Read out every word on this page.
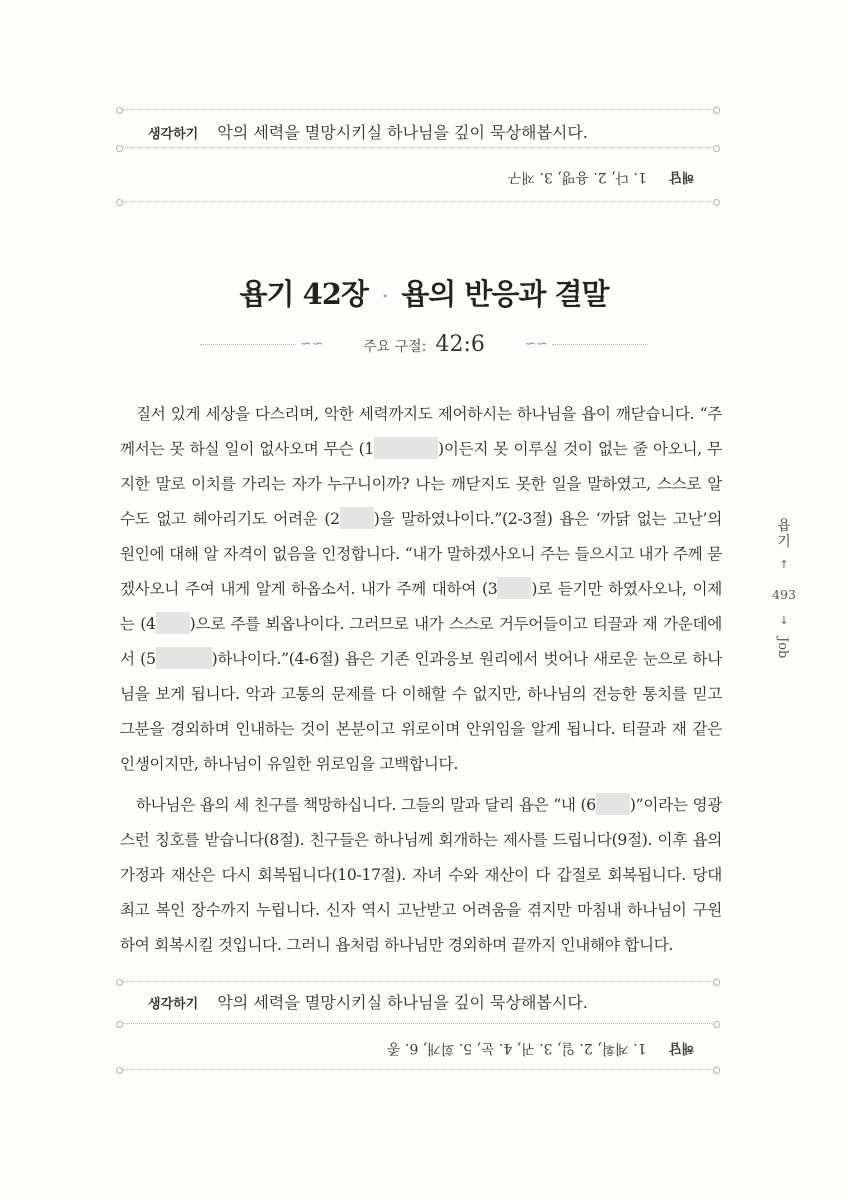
생각하기 악의 세력을 멸망시키실 하나님을 깊이 묵상해봅시다.
해답 1. 다, 2. 용맹, 3. 재구
욥기 42장 · 욥의 반응과 결말
∽∽	주요 구절: 42:6	∽∽

질서 있게 세상을 다스리며, 악한 세력까지도 제어하시는 하나님을 욥이 깨닫습니다. “주께서는 못 하실 일이 없사오며 무슨 (1	)이든지 못 이루실 것이 없는 줄 아오니, 무지한 말로 이치를 가리는 자가 누구니이까? 나는 깨닫지도 못한 일을 말하였고, 스스로 알 수도 없고 헤아리기도 어려운 (2 )을 말하였나이다.”(2-3절) 욥은 ‘까닭 없는 고난’의 원인에 대해 알 자격이 없음을 인정합니다. “내가 말하겠사오니 주는 들으시고 내가 주께 묻겠사오니 주여 내게 알게 하옵소서. 내가 주께 대하여 (3 )로 듣기만 하였사오나, 이제는 (4 )으로 주를 뵈옵나이다. 그러므로 내가 스스로 거두어들이고 티끌과 재 가운데에서 (5	)하나이다.”(4-6절) 욥은 기존 인과응보 원리에서 벗어나 새로운 눈으로 하나님을 보게 됩니다. 악과 고통의 문제를 다 이해할 수 없지만, 하나님의 전능한 통치를 믿고 그분을 경외하며 인내하는 것이 본분이고 위로이며 안위임을 알게 됩니다. 티끌과 재 같은 인생이지만, 하나님이 유일한 위로임을 고백합니다.

하나님은 욥의 세 친구를 책망하십니다. 그들의 말과 달리 욥은 “내 (6 )”이라는 영광스런 칭호를 받습니다(8절). 친구들은 하나님께 회개하는 제사를 드립니다(9절). 이후 욥의 가정과 재산은 다시 회복됩니다(10-17절). 자녀 수와 재산이 다 갑절로 회복됩니다. 당대 최고 복인 장수까지 누립니다. 신자 역시 고난받고 어려움을 겪지만 마침내 하나님이 구원하여 회복시킬 것입니다. 그러니 욥처럼 하나님만 경외하며 끝까지 인내해야 합니다.

욥기
↑
493
↓
Job
생각하기 악의 세력을 멸망시키실 하나님을 깊이 묵상해봅시다.
해답 1. 계획, 2. 일, 3. 귀, 4. 눈, 5. 회개, 6. 종
